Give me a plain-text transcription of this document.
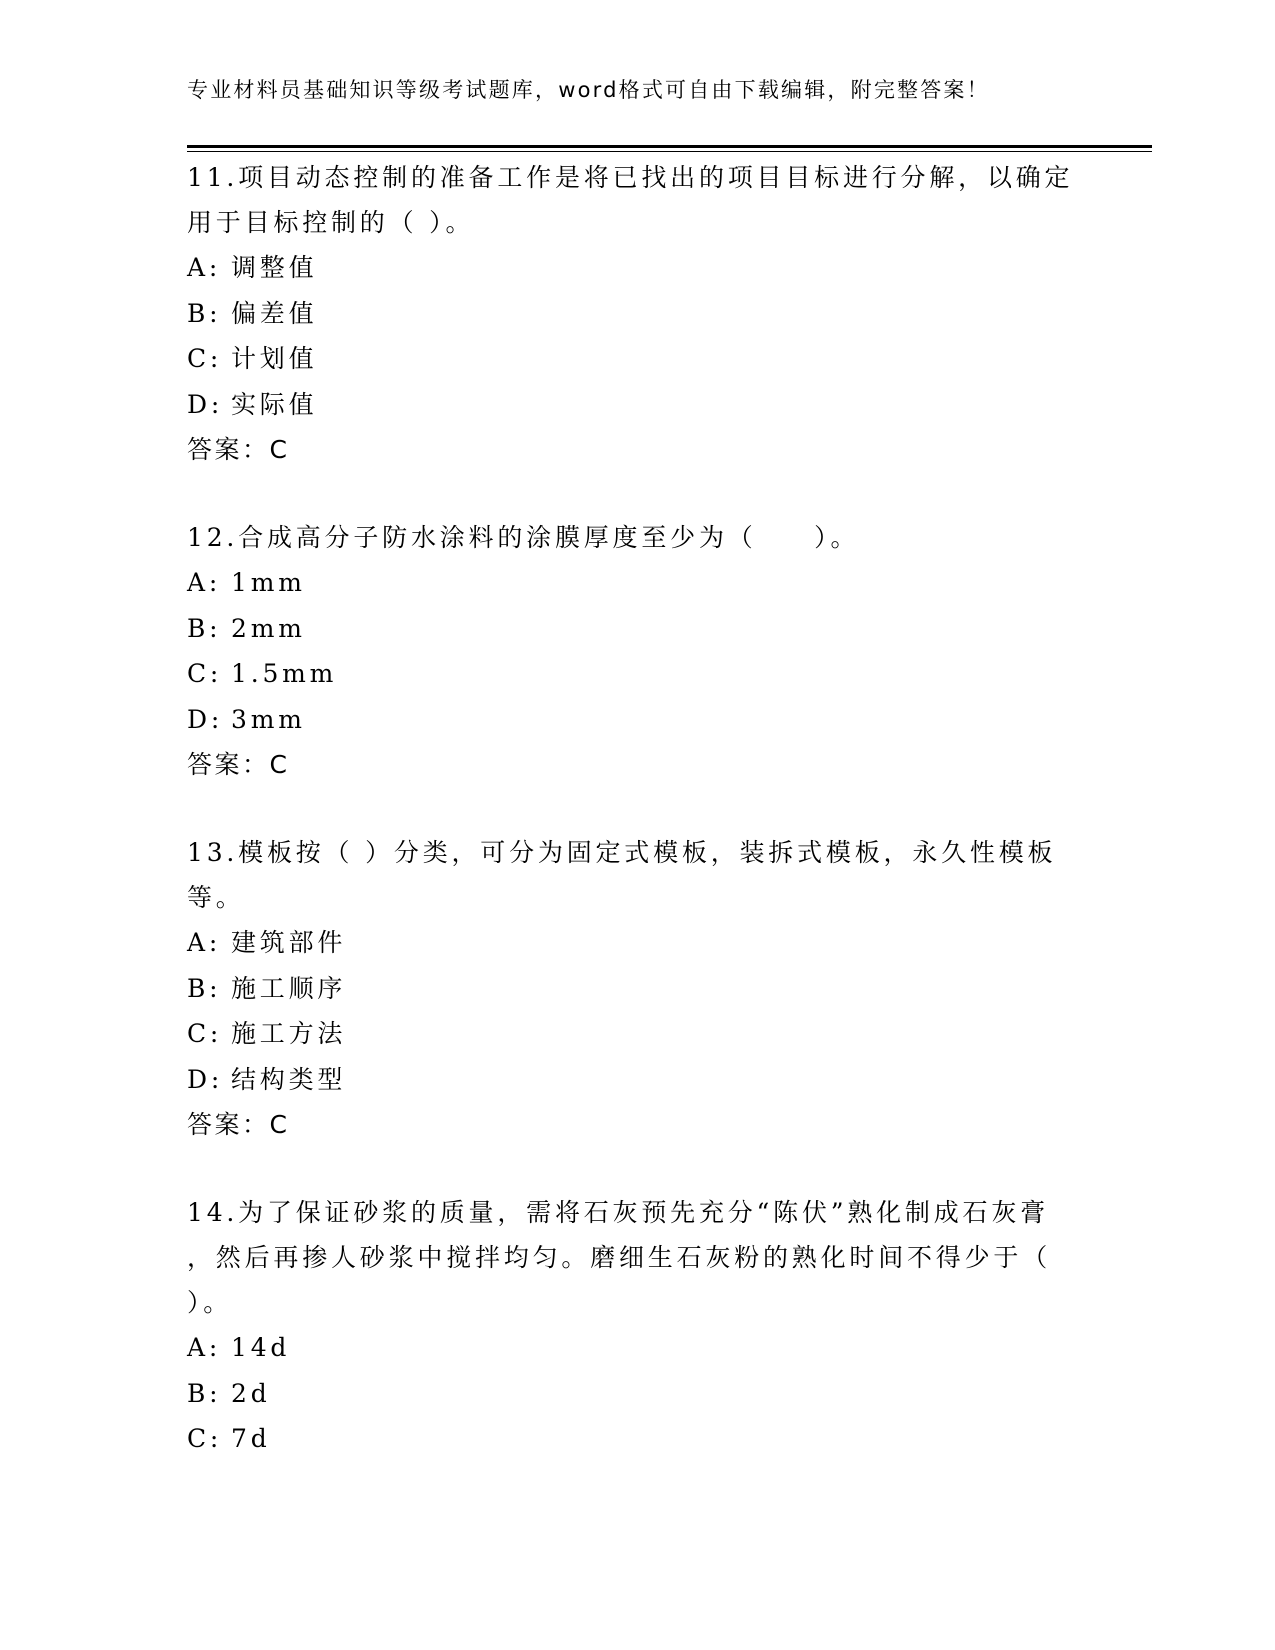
专业材料员基础知识等级考试题库，word格式可自由下载编辑，附完整答案！
11.项目动态控制的准备工作是将已找出的项目目标进行分解，以确定
用于目标控制的（ ）。
A: 调整值
B: 偏差值
C: 计划值
D: 实际值
答案：C
12.合成高分子防水涂料的涂膜厚度至少为（　　）。
A: 1mm
B: 2mm
C: 1.5mm
D: 3mm
答案：C
13.模板按（ ）分类，可分为固定式模板，装拆式模板，永久性模板
等。
A: 建筑部件
B: 施工顺序
C: 施工方法
D: 结构类型
答案：C
14.为了保证砂浆的质量，需将石灰预先充分“陈伏”熟化制成石灰膏
，然后再掺人砂浆中搅拌均匀。磨细生石灰粉的熟化时间不得少于（
）。
A: 14d
B: 2d
C: 7d
